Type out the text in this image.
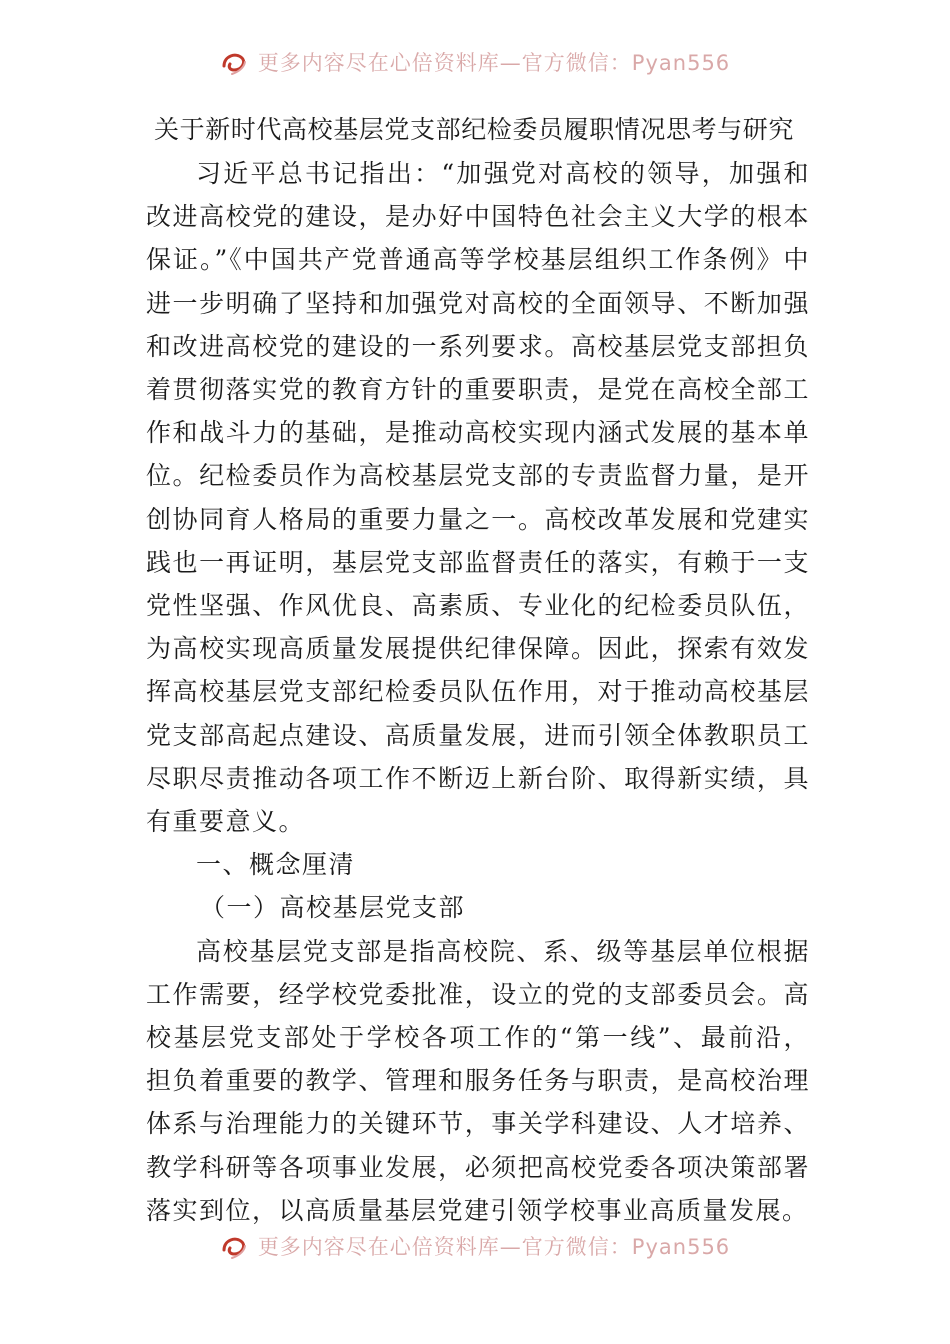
更多内容尽在心倍资料库—官方微信：Pyan556
关于新时代高校基层党支部纪检委员履职情况思考与研究

习近平总书记指出：“加强党对高校的领导，加强和改进高校党的建设，是办好中国特色社会主义大学的根本保证。”《中国共产党普通高等学校基层组织工作条例》中进一步明确了坚持和加强党对高校的全面领导、不断加强和改进高校党的建设的一系列要求。高校基层党支部担负着贯彻落实党的教育方针的重要职责，是党在高校全部工作和战斗力的基础，是推动高校实现内涵式发展的基本单位。纪检委员作为高校基层党支部的专责监督力量，是开创协同育人格局的重要力量之一。高校改革发展和党建实践也一再证明，基层党支部监督责任的落实，有赖于一支党性坚强、作风优良、高素质、专业化的纪检委员队伍，为高校实现高质量发展提供纪律保障。因此，探索有效发挥高校基层党支部纪检委员队伍作用，对于推动高校基层党支部高起点建设、高质量发展，进而引领全体教职员工尽职尽责推动各项工作不断迈上新台阶、取得新实绩，具有重要意义。

一、概念厘清
（一）高校基层党支部

高校基层党支部是指高校院、系、级等基层单位根据工作需要，经学校党委批准，设立的党的支部委员会。高校基层党支部处于学校各项工作的“第一线”、最前沿，担负着重要的教学、管理和服务任务与职责，是高校治理体系与治理能力的关键环节，事关学科建设、人才培养、教学科研等各项事业发展，必须把高校党委各项决策部署落实到位，以高质量基层党建引领学校事业高质量发展。

更多内容尽在心倍资料库—官方微信：Pyan556
